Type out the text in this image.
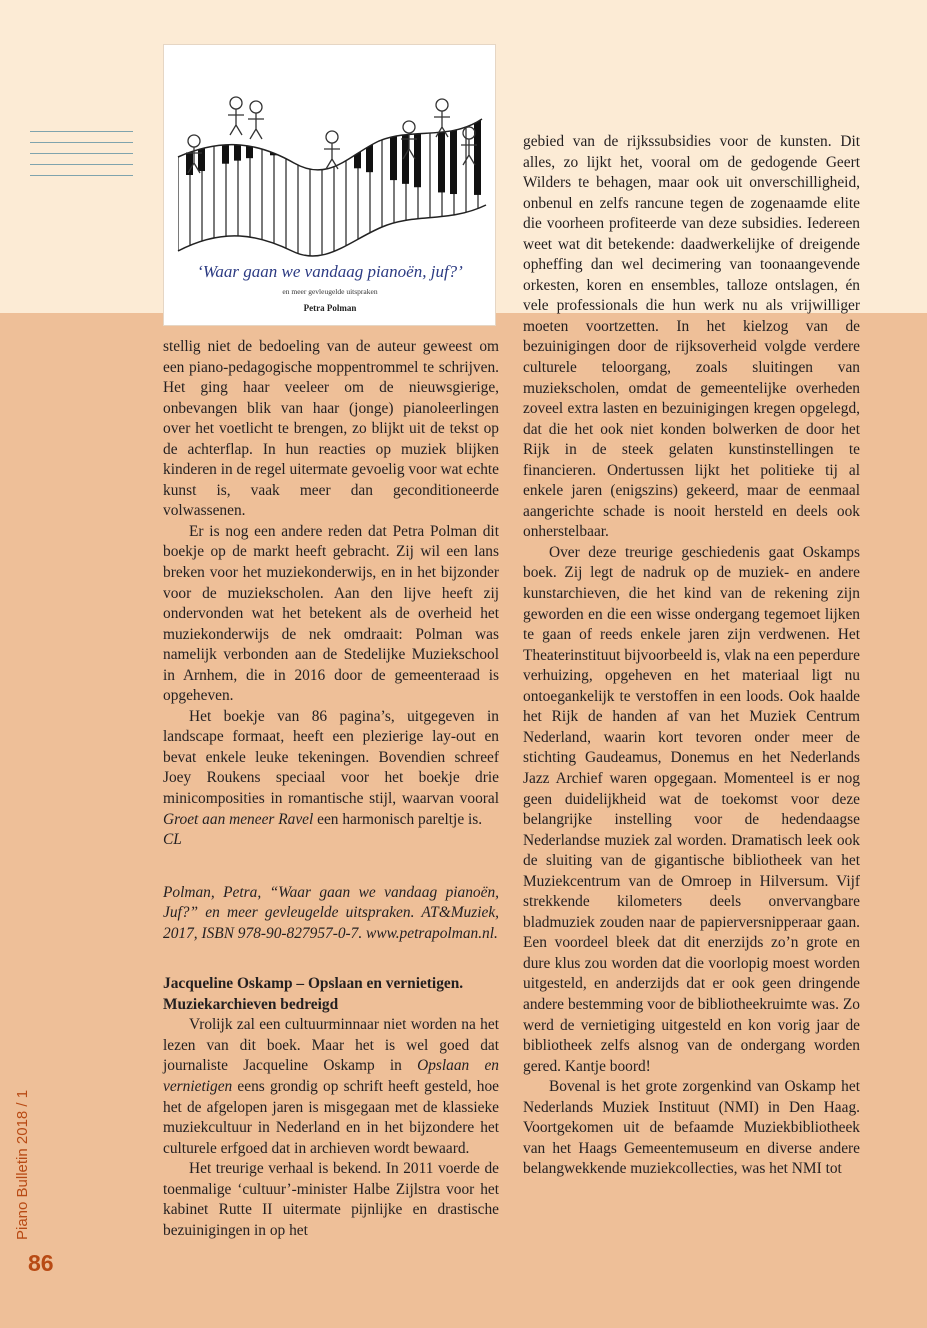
‘Waar gaan we vandaag pianoën, juf?’
en meer gevleugelde uitspraken
Petra Polman

stellig niet de bedoeling van de auteur geweest om een piano-pedagogische moppentrommel te schrijven. Het ging haar veeleer om de nieuwsgierige, onbevangen blik van haar (jonge) pianoleerlingen over het voetlicht te brengen, zo blijkt uit de tekst op de achterflap. In hun reacties op muziek blijken kinderen in de regel uitermate gevoelig voor wat echte kunst is, vaak meer dan geconditioneerde volwassenen.

Er is nog een andere reden dat Petra Polman dit boekje op de markt heeft gebracht. Zij wil een lans breken voor het muziekonderwijs, en in het bijzonder voor de muziekscholen. Aan den lijve heeft zij ondervonden wat het betekent als de overheid het muziekonderwijs de nek omdraait: Polman was namelijk verbonden aan de Stedelijke Muziekschool in Arnhem, die in 2016 door de gemeenteraad is opgeheven.

Het boekje van 86 pagina’s, uitgegeven in landscape formaat, heeft een plezierige lay-out en bevat enkele leuke tekeningen. Bovendien schreef Joey Roukens speciaal voor het boekje drie minicomposities in romantische stijl, waarvan vooral Groet aan meneer Ravel een harmonisch pareltje is.

CL

Polman, Petra, “Waar gaan we vandaag pianoën, Juf?” en meer gevleugelde uitspraken. AT&Muziek, 2017, ISBN 978-90-827957-0-7. www.petrapolman.nl.

Jacqueline Oskamp – Opslaan en vernietigen. Muziekarchieven bedreigd

Vrolijk zal een cultuurminnaar niet worden na het lezen van dit boek. Maar het is wel goed dat journaliste Jacqueline Oskamp in Opslaan en vernietigen eens grondig op schrift heeft gesteld, hoe het de afgelopen jaren is misgegaan met de klassieke muziekcultuur in Nederland en in het bijzondere het culturele erfgoed dat in archieven wordt bewaard.

Het treurige verhaal is bekend. In 2011 voerde de toenmalige ‘cultuur’-minister Halbe Zijlstra voor het kabinet Rutte II uitermate pijnlijke en drastische bezuinigingen in op het

gebied van de rijkssubsidies voor de kunsten. Dit alles, zo lijkt het, vooral om de gedogende Geert Wilders te behagen, maar ook uit onverschilligheid, onbenul en zelfs rancune tegen de zogenaamde elite die voorheen profiteerde van deze subsidies. Iedereen weet wat dit betekende: daadwerkelijke of dreigende opheffing dan wel decimering van toonaangevende orkesten, koren en ensembles, talloze ontslagen, én vele professionals die hun werk nu als vrijwilliger moeten voortzetten. In het kielzog van de bezuinigingen door de rijksoverheid volgde verdere culturele teloorgang, zoals sluitingen van muziekscholen, omdat de gemeentelijke overheden zoveel extra lasten en bezuinigingen kregen opgelegd, dat die het ook niet konden bolwerken de door het Rijk in de steek gelaten kunstinstellingen te financieren. Ondertussen lijkt het politieke tij al enkele jaren (enigszins) gekeerd, maar de eenmaal aangerichte schade is nooit hersteld en deels ook onherstelbaar.

Over deze treurige geschiedenis gaat Oskamps boek. Zij legt de nadruk op de muziek- en andere kunstarchieven, die het kind van de rekening zijn geworden en die een wisse ondergang tegemoet lijken te gaan of reeds enkele jaren zijn verdwenen. Het Theaterinstituut bijvoorbeeld is, vlak na een peperdure verhuizing, opgeheven en het materiaal ligt nu ontoegankelijk te verstoffen in een loods. Ook haalde het Rijk de handen af van het Muziek Centrum Nederland, waarin kort tevoren onder meer de stichting Gaudeamus, Donemus en het Nederlands Jazz Archief waren opgegaan. Momenteel is er nog geen duidelijkheid wat de toekomst voor deze belangrijke instelling voor de hedendaagse Nederlandse muziek zal worden. Dramatisch leek ook de sluiting van de gigantische bibliotheek van het Muziekcentrum van de Omroep in Hilversum. Vijf strekkende kilometers deels onvervangbare bladmuziek zouden naar de papierversnipperaar gaan. Een voordeel bleek dat dit enerzijds zo’n grote en dure klus zou worden dat die voorlopig moest worden uitgesteld, en anderzijds dat er ook geen dringende andere bestemming voor de bibliotheekruimte was. Zo werd de vernietiging uitgesteld en kon vorig jaar de bibliotheek zelfs alsnog van de ondergang worden gered. Kantje boord!

Bovenal is het grote zorgenkind van Oskamp het Nederlands Muziek Instituut (NMI) in Den Haag. Voortgekomen uit de befaamde Muziekbibliotheek van het Haags Gemeentemuseum en diverse andere belangwekkende muziekcollecties, was het NMI tot

Piano Bulletin 2018 / 1
86
